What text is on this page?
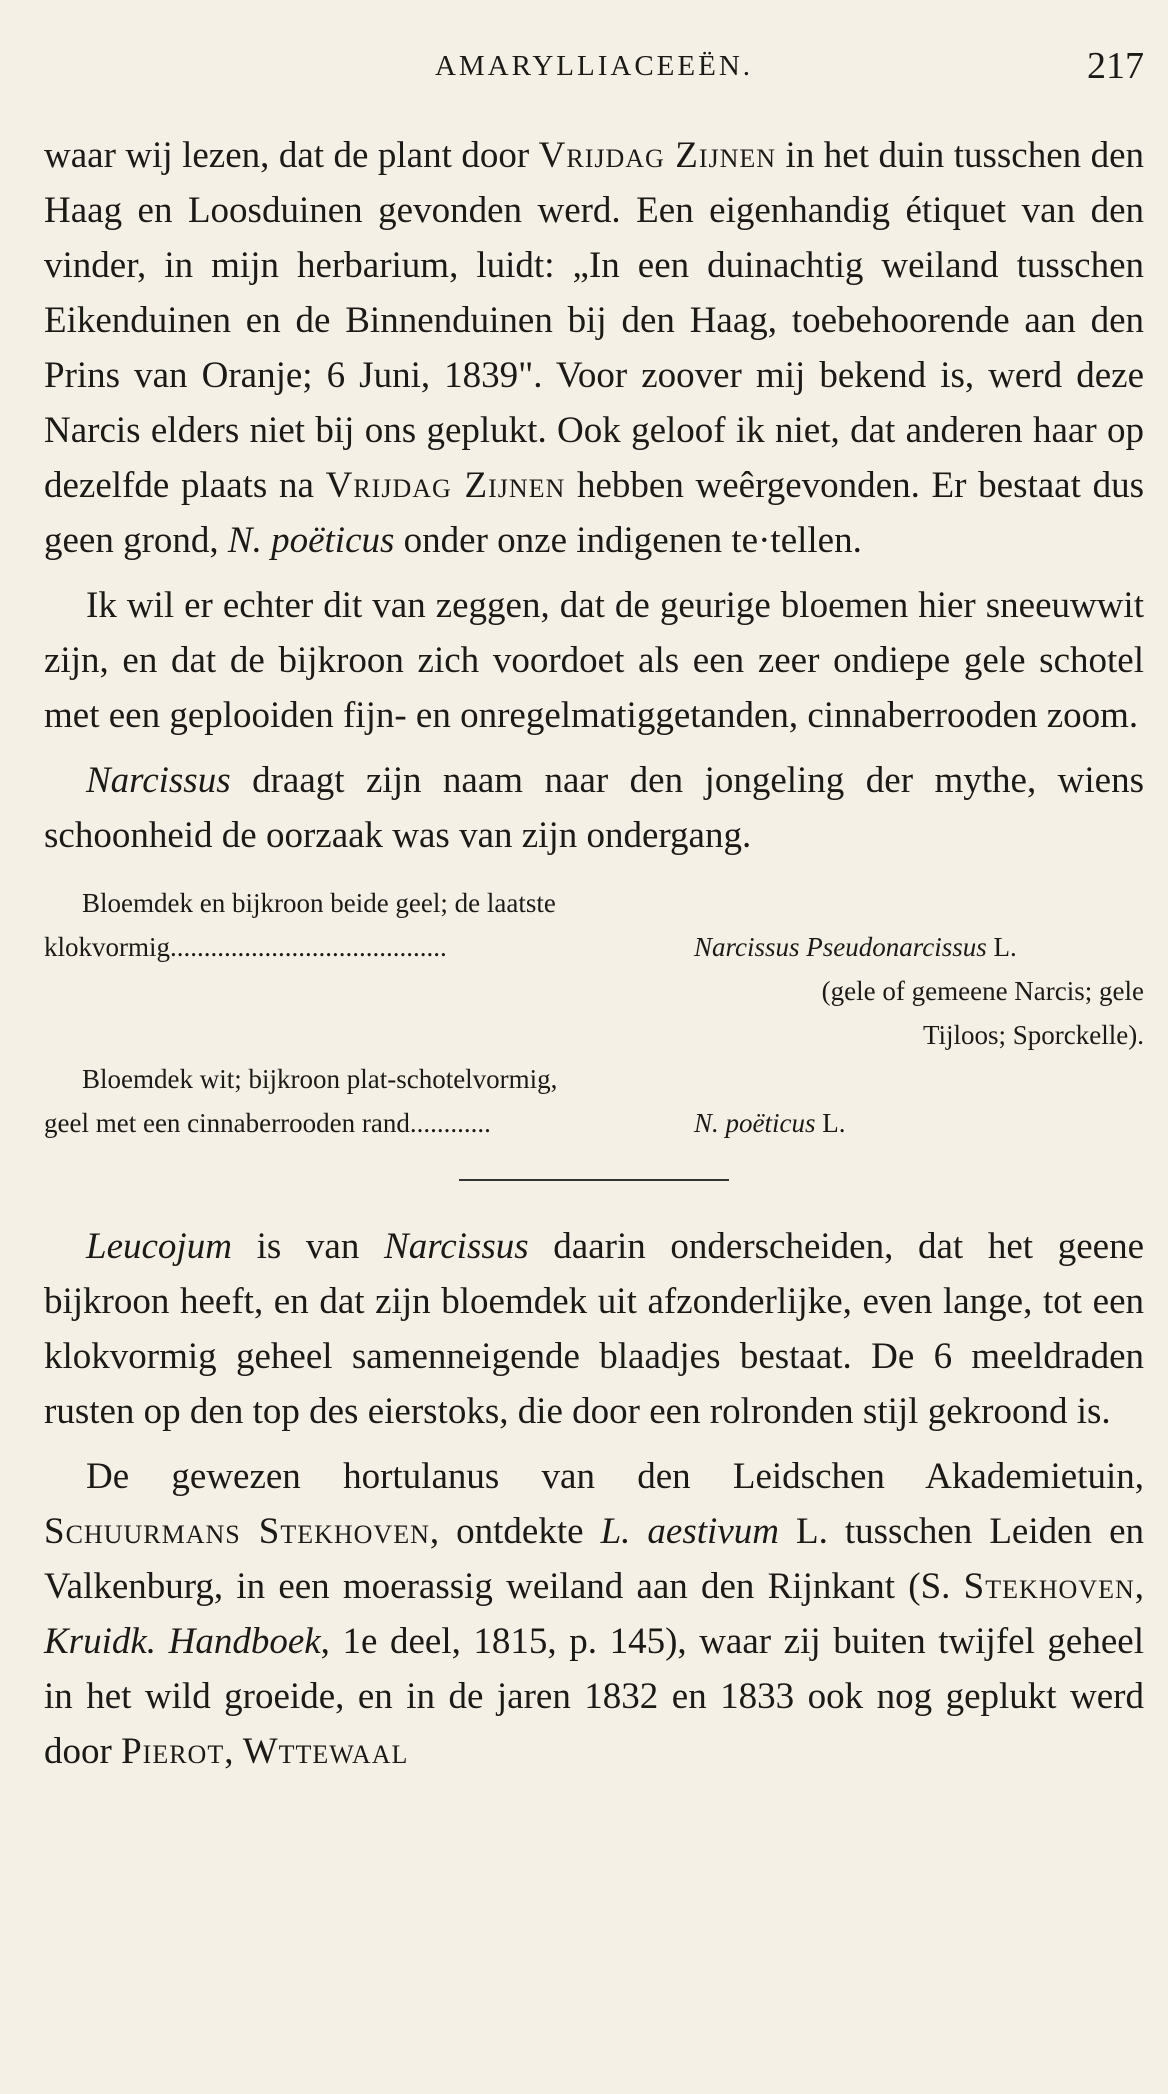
AMARYLLIACEEËN.	217

waar wij lezen, dat de plant door Vrijdag Zijnen in het duin tusschen den Haag en Loosduinen gevonden werd. Een eigenhandig étiquet van den vinder, in mijn herbarium, luidt: „In een duinachtig weiland tusschen Eikenduinen en de Binnenduinen bij den Haag, toebehoorende aan den Prins van Oranje; 6 Juni, 1839". Voor zoover mij bekend is, werd deze Narcis elders niet bij ons geplukt. Ook geloof ik niet, dat anderen haar op dezelfde plaats na Vrijdag Zijnen hebben weêrgevonden. Er bestaat dus geen grond, N. poëticus onder onze indigenen te·tellen.

Ik wil er echter dit van zeggen, dat de geurige bloemen hier sneeuwwit zijn, en dat de bijkroon zich voordoet als een zeer ondiepe gele schotel met een geplooiden fijn- en onregelmatiggetanden, cinnaberrooden zoom.

Narcissus draagt zijn naam naar den jongeling der mythe, wiens schoonheid de oorzaak was van zijn ondergang.

Bloemdek en bijkroon beide geel; de laatste
klokvormig.........................................	Narcissus Pseudonarcissus L.
(gele of gemeene Narcis; gele
Tijloos; Sporckelle).
Bloemdek wit; bijkroon plat-schotelvormig,
geel met een cinnaberrooden rand............	N. poëticus L.

Leucojum is van Narcissus daarin onderscheiden, dat het geene bijkroon heeft, en dat zijn bloemdek uit afzonderlijke, even lange, tot een klokvormig geheel samenneigende blaadjes bestaat. De 6 meeldraden rusten op den top des eierstoks, die door een rolronden stijl gekroond is.

De gewezen hortulanus van den Leidschen Akademietuin, Schuurmans Stekhoven, ontdekte L. aestivum L. tusschen Leiden en Valkenburg, in een moerassig weiland aan den Rijnkant (S. Stekhoven, Kruidk. Handboek, 1e deel, 1815, p. 145), waar zij buiten twijfel geheel in het wild groeide, en in de jaren 1832 en 1833 ook nog geplukt werd door Pierot, Wttewaal
